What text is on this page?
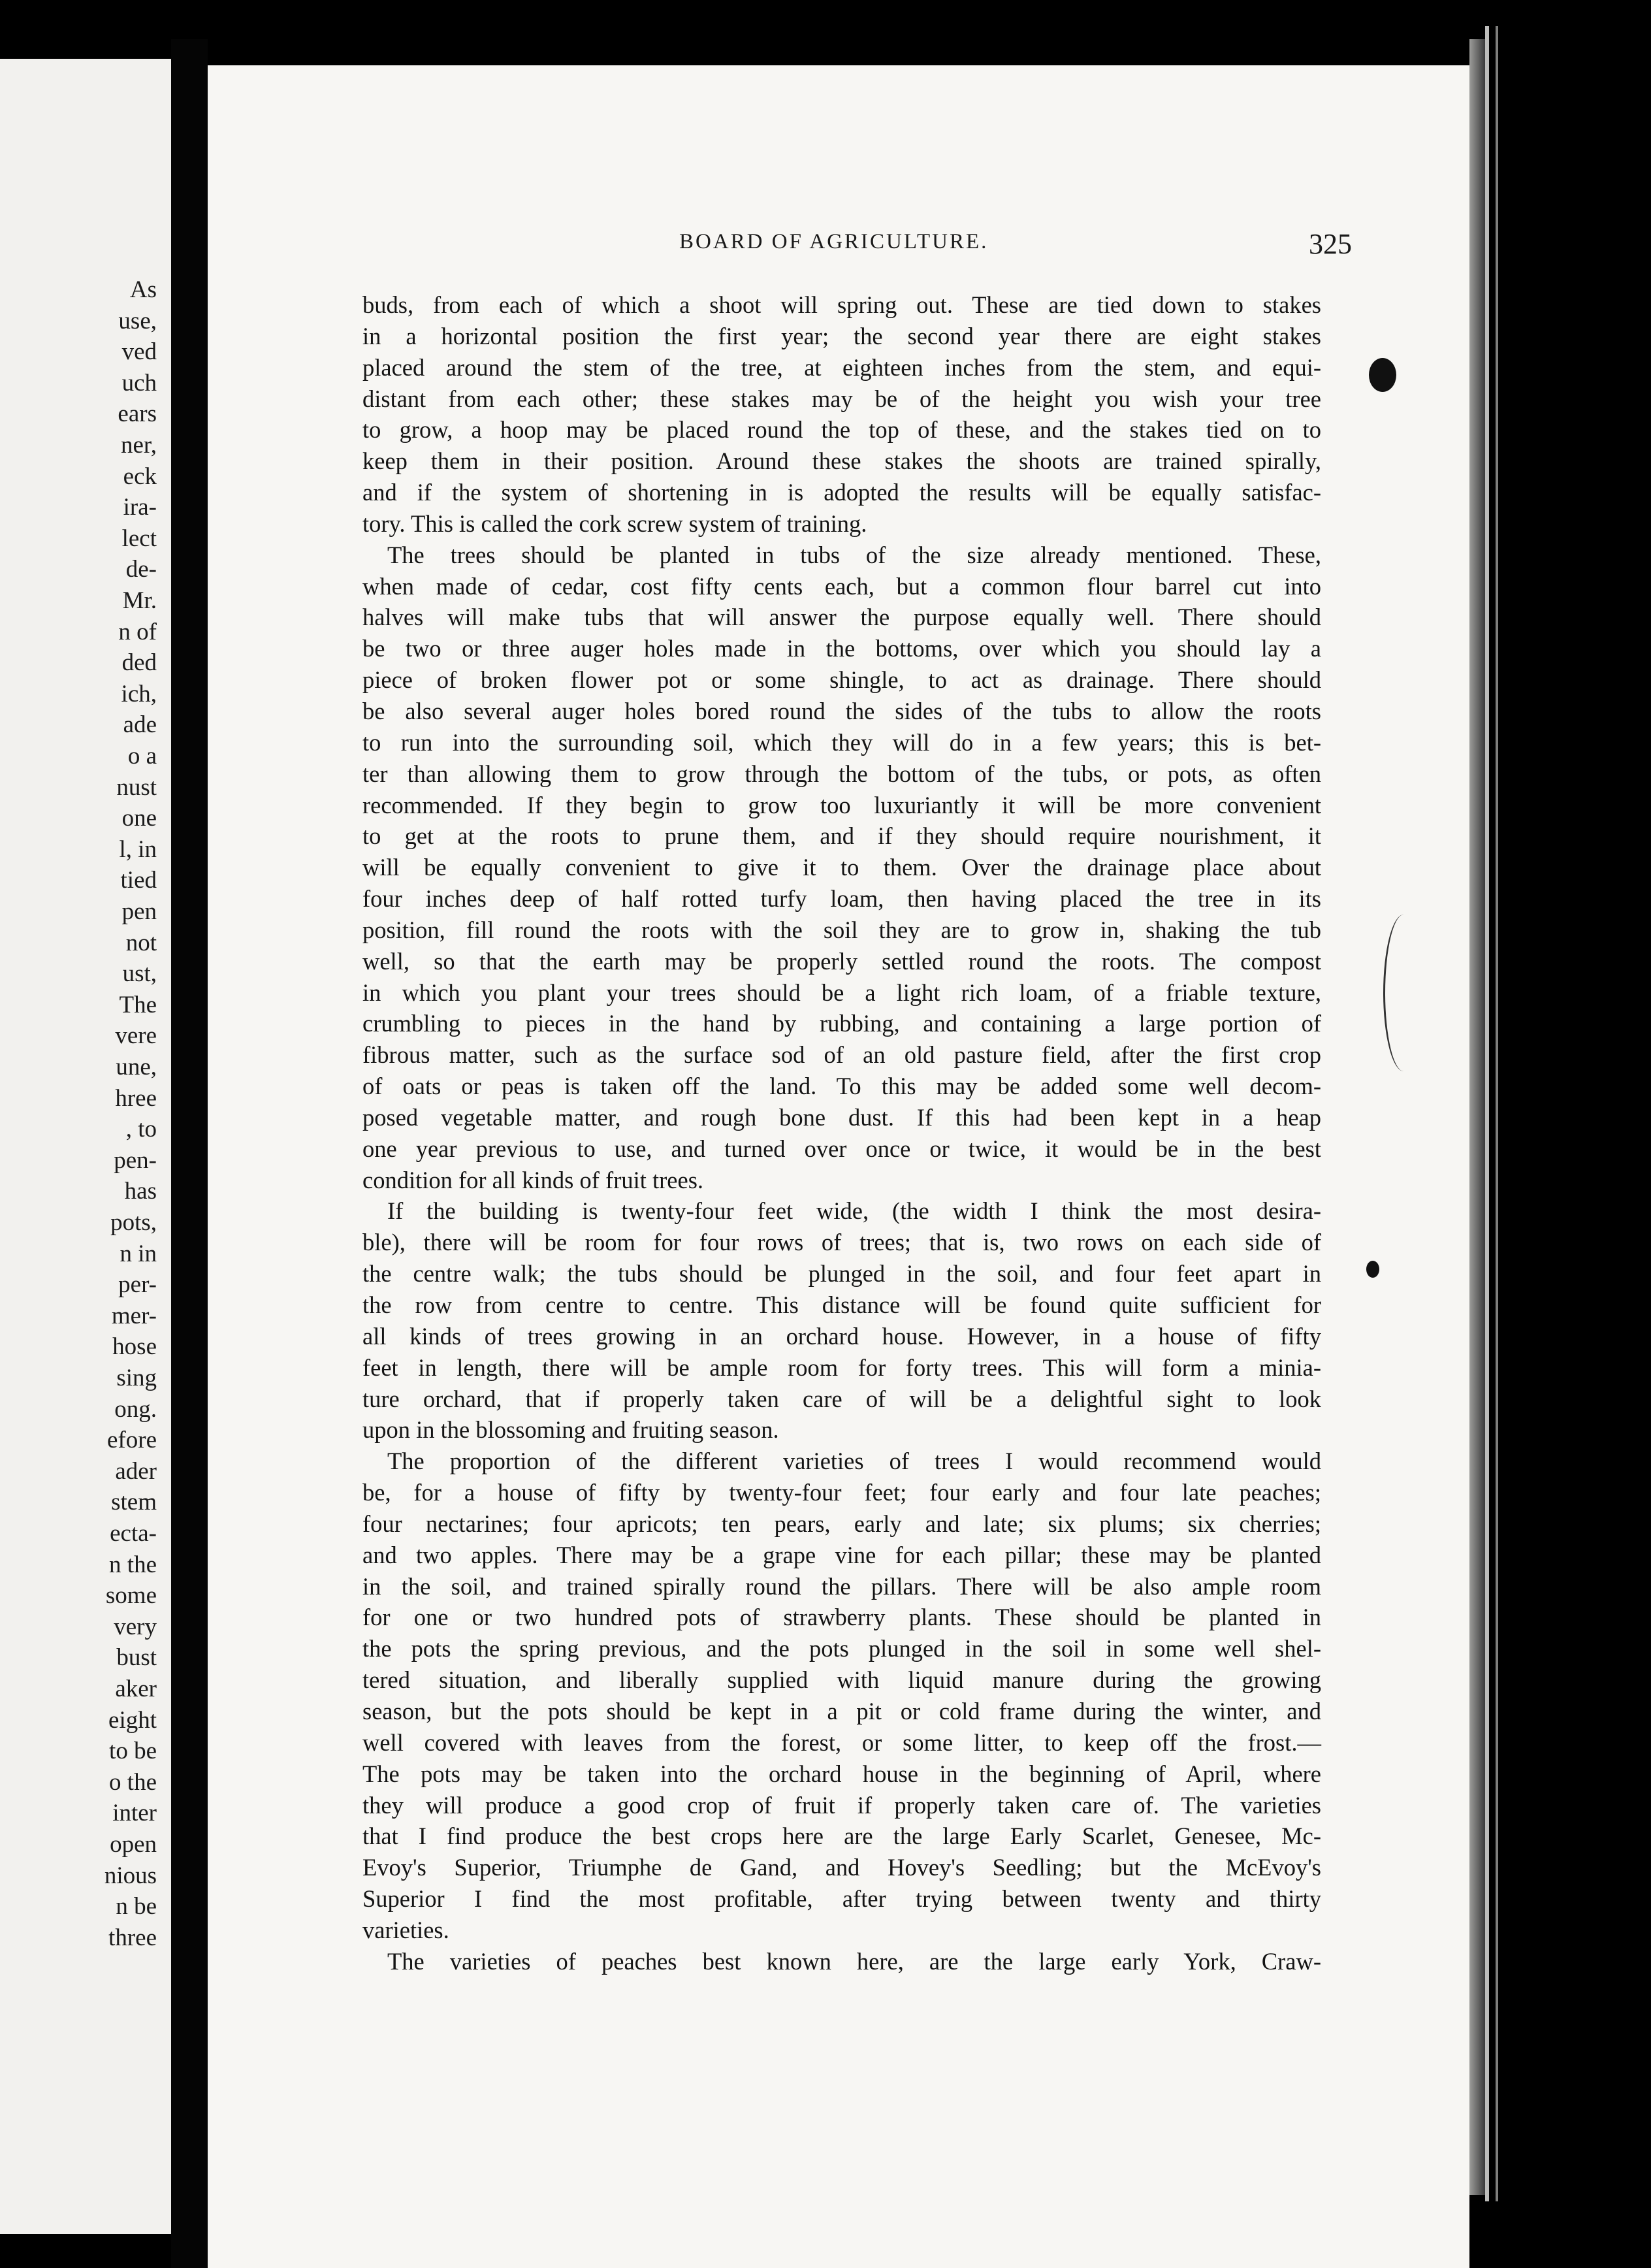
As
use,
ved
uch
ears
ner,
eck
ira-
lect
de-
Mr.
n of
ded
ich,
ade
o a
nust
one
l, in
tied
pen
not
ust,
The
vere
une,
hree
, to
pen-
has
pots,
n in
per-
mer-
hose
sing
ong.
efore
ader
stem
ecta-
n the
some
very
bust
aker
eight
to be
o the
inter
open
nious
n be
three
BOARD OF AGRICULTURE.	325
buds, from each of which a shoot will spring out. These are tied down to stakes
in a horizontal position the first year; the second year there are eight stakes
placed around the stem of the tree, at eighteen inches from the stem, and equi-
distant from each other; these stakes may be of the height you wish your tree
to grow, a hoop may be placed round the top of these, and the stakes tied on to
keep them in their position. Around these stakes the shoots are trained spirally,
and if the system of shortening in is adopted the results will be equally satisfac-
tory. This is called the cork screw system of training.
The trees should be planted in tubs of the size already mentioned. These,
when made of cedar, cost fifty cents each, but a common flour barrel cut into
halves will make tubs that will answer the purpose equally well. There should
be two or three auger holes made in the bottoms, over which you should lay a
piece of broken flower pot or some shingle, to act as drainage. There should
be also several auger holes bored round the sides of the tubs to allow the roots
to run into the surrounding soil, which they will do in a few years; this is bet-
ter than allowing them to grow through the bottom of the tubs, or pots, as often
recommended. If they begin to grow too luxuriantly it will be more convenient
to get at the roots to prune them, and if they should require nourishment, it
will be equally convenient to give it to them. Over the drainage place about
four inches deep of half rotted turfy loam, then having placed the tree in its
position, fill round the roots with the soil they are to grow in, shaking the tub
well, so that the earth may be properly settled round the roots. The compost
in which you plant your trees should be a light rich loam, of a friable texture,
crumbling to pieces in the hand by rubbing, and containing a large portion of
fibrous matter, such as the surface sod of an old pasture field, after the first crop
of oats or peas is taken off the land. To this may be added some well decom-
posed vegetable matter, and rough bone dust. If this had been kept in a heap
one year previous to use, and turned over once or twice, it would be in the best
condition for all kinds of fruit trees.
If the building is twenty-four feet wide, (the width I think the most desira-
ble), there will be room for four rows of trees; that is, two rows on each side of
the centre walk; the tubs should be plunged in the soil, and four feet apart in
the row from centre to centre. This distance will be found quite sufficient for
all kinds of trees growing in an orchard house. However, in a house of fifty
feet in length, there will be ample room for forty trees. This will form a minia-
ture orchard, that if properly taken care of will be a delightful sight to look
upon in the blossoming and fruiting season.
The proportion of the different varieties of trees I would recommend would
be, for a house of fifty by twenty-four feet; four early and four late peaches;
four nectarines; four apricots; ten pears, early and late; six plums; six cherries;
and two apples. There may be a grape vine for each pillar; these may be planted
in the soil, and trained spirally round the pillars. There will be also ample room
for one or two hundred pots of strawberry plants. These should be planted in
the pots the spring previous, and the pots plunged in the soil in some well shel-
tered situation, and liberally supplied with liquid manure during the growing
season, but the pots should be kept in a pit or cold frame during the winter, and
well covered with leaves from the forest, or some litter, to keep off the frost.—
The pots may be taken into the orchard house in the beginning of April, where
they will produce a good crop of fruit if properly taken care of. The varieties
that I find produce the best crops here are the large Early Scarlet, Genesee, Mc-
Evoy's Superior, Triumphe de Gand, and Hovey's Seedling; but the McEvoy's
Superior I find the most profitable, after trying between twenty and thirty
varieties.
The varieties of peaches best known here, are the large early York, Craw-
